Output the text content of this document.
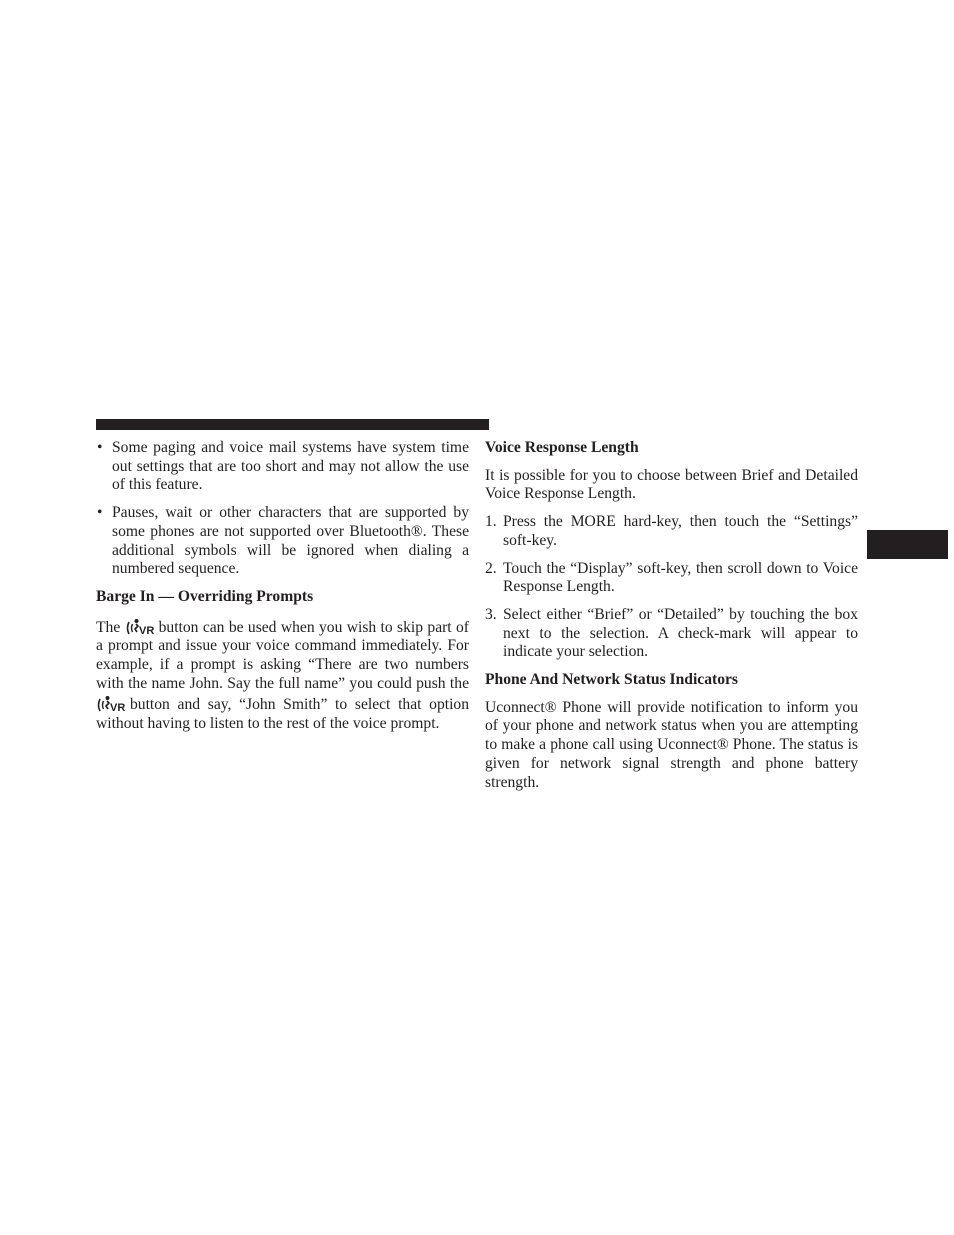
• Some paging and voice mail systems have system time out settings that are too short and may not allow the use of this feature.

• Pauses, wait or other characters that are supported by some phones are not supported over Bluetooth®. These additional symbols will be ignored when dialing a numbered sequence.

Barge In — Overriding Prompts

The VR button can be used when you wish to skip part of a prompt and issue your voice command immediately. For example, if a prompt is asking “There are two numbers with the name John. Say the full name” you could push the
VR button and say, “John Smith” to select that option without having to listen to the rest of the voice prompt.

Voice Response Length

It is possible for you to choose between Brief and Detailed Voice Response Length.

1. Press the MORE hard-key, then touch the “Settings” soft-key.

2. Touch the “Display” soft-key, then scroll down to Voice Response Length.

3. Select either “Brief” or “Detailed” by touching the box next to the selection. A check-mark will appear to indicate your selection.

Phone And Network Status Indicators

Uconnect® Phone will provide notification to inform you of your phone and network status when you are attempting to make a phone call using Uconnect® Phone. The status is given for network signal strength and phone battery strength.
